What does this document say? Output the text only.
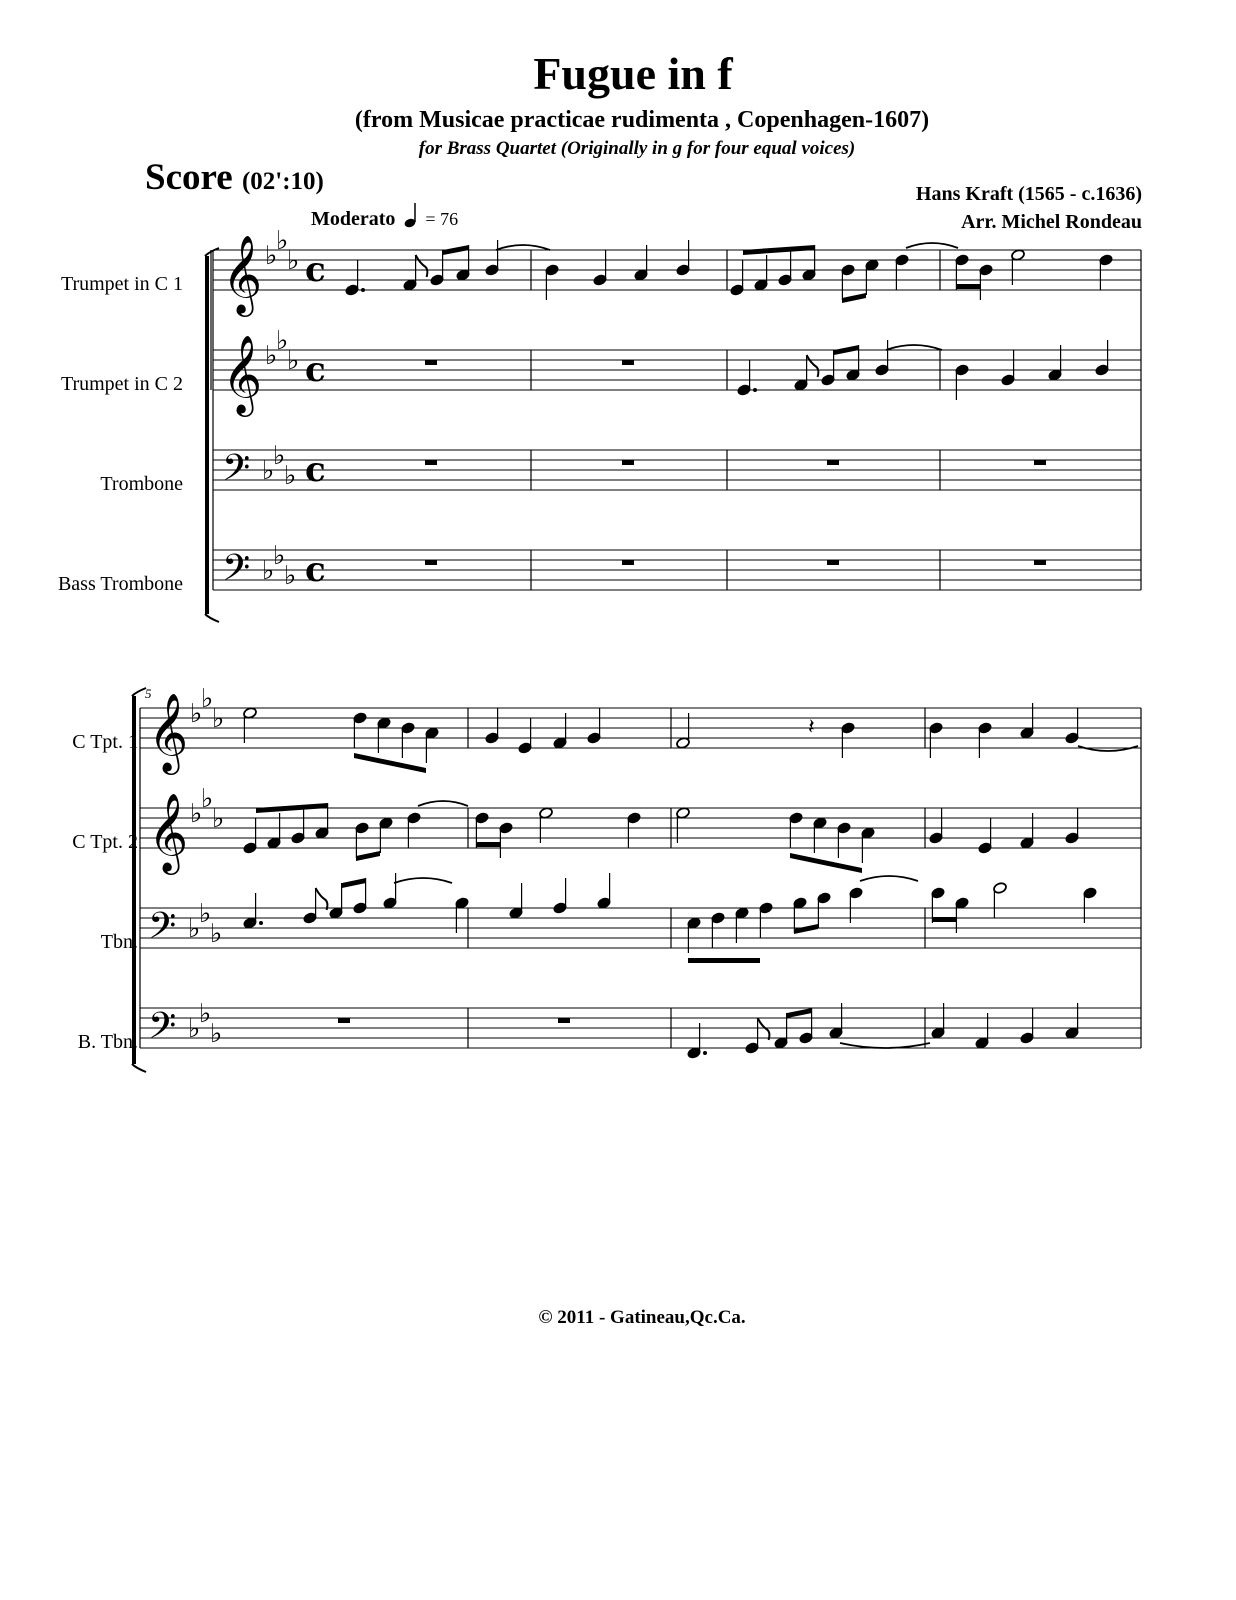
Fugue in f
(from Musicae practicae rudimenta , Copenhagen-1607)
for Brass Quartet (Originally in g for four equal voices)
Score (02':10)	Hans Kraft (1565 - c.1636)
Arr. Michel Rondeau
Moderato = 76
Trumpet in C 1
Trumpet in C 2
Trombone
Bass Trombone
C Tpt. 1
C Tpt. 2
Tbn.
B. Tbn.
5
𝄞 ♭
♭
♭ c
𝄞 ♭
♭
♭ c
𝄢 ♭
♭
♭ c
𝄢 ♭
♭
♭ c
𝄞 ♭
♭
♭
𝄞 ♭
♭
♭
𝄢 ♭
♭
♭
𝄢 ♭
♭
♭
𝄽
© 2011 - Gatineau,Qc.Ca.
